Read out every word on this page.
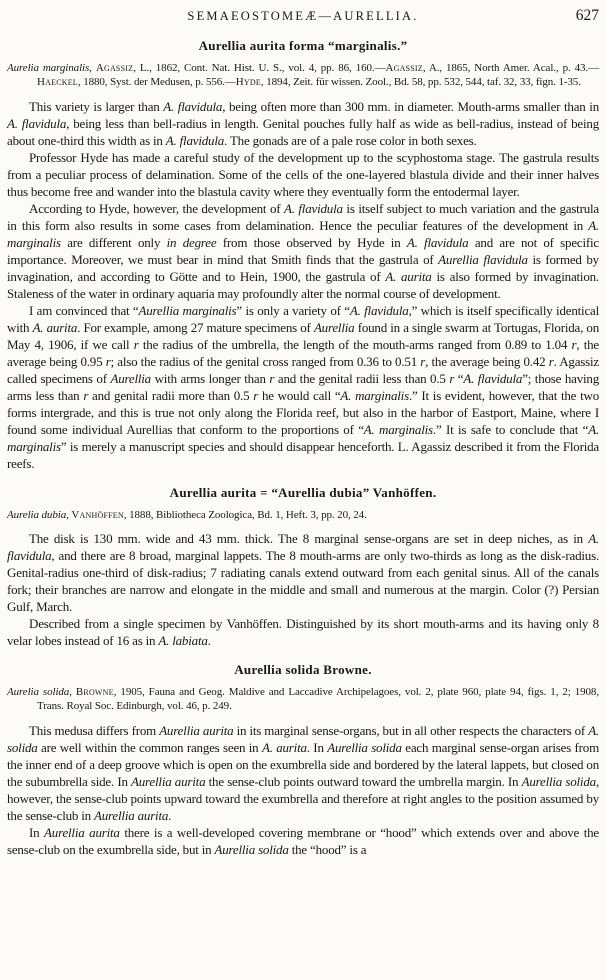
SEMAEOSTOMEÆ—AURELLIA.	627
Aurellia aurita forma “marginalis.”

Aurelia marginalis, Agassiz, L., 1862, Cont. Nat. Hist. U. S., vol. 4, pp. 86, 160.—Agassiz, A., 1865, North Amer. Acal., p. 43.—Haeckel, 1880, Syst. der Medusen, p. 556.—Hyde, 1894, Zeit. für wissen. Zool., Bd. 58, pp. 532, 544, taf. 32, 33, fign. 1-35.

This variety is larger than A. flavidula, being often more than 300 mm. in diameter. Mouth-arms smaller than in A. flavidula, being less than bell-radius in length. Genital pouches fully half as wide as bell-radius, instead of being about one-third this width as in A. flavidula. The gonads are of a pale rose color in both sexes.

Professor Hyde has made a careful study of the development up to the scyphostoma stage. The gastrula results from a peculiar process of delamination. Some of the cells of the one-layered blastula divide and their inner halves thus become free and wander into the blastula cavity where they eventually form the entodermal layer.

According to Hyde, however, the development of A. flavidula is itself subject to much variation and the gastrula in this form also results in some cases from delamination. Hence the peculiar features of the development in A. marginalis are different only in degree from those observed by Hyde in A. flavidula and are not of specific importance. Moreover, we must bear in mind that Smith finds that the gastrula of Aurellia flavidula is formed by invagination, and according to Götte and to Hein, 1900, the gastrula of A. aurita is also formed by invagination. Staleness of the water in ordinary aquaria may profoundly alter the normal course of development.

I am convinced that “Aurellia marginalis” is only a variety of “A. flavidula,” which is itself specifically identical with A. aurita. For example, among 27 mature specimens of Aurellia found in a single swarm at Tortugas, Florida, on May 4, 1906, if we call r the radius of the umbrella, the length of the mouth-arms ranged from 0.89 to 1.04 r, the average being 0.95 r; also the radius of the genital cross ranged from 0.36 to 0.51 r, the average being 0.42 r. Agassiz called specimens of Aurellia with arms longer than r and the genital radii less than 0.5 r “A. flavidula”; those having arms less than r and genital radii more than 0.5 r he would call “A. marginalis.” It is evident, however, that the two forms intergrade, and this is true not only along the Florida reef, but also in the harbor of Eastport, Maine, where I found some individual Aurellias that conform to the proportions of “A. marginalis.” It is safe to conclude that “A. marginalis” is merely a manuscript species and should disappear henceforth. L. Agassiz described it from the Florida reefs.

Aurellia aurita = “Aurellia dubia” Vanhöffen.

Aurelia dubia, Vanhöffen, 1888, Bibliotheca Zoologica, Bd. 1, Heft. 3, pp. 20, 24.

The disk is 130 mm. wide and 43 mm. thick. The 8 marginal sense-organs are set in deep niches, as in A. flavidula, and there are 8 broad, marginal lappets. The 8 mouth-arms are only two-thirds as long as the disk-radius. Genital-radius one-third of disk-radius; 7 radiating canals extend outward from each genital sinus. All of the canals fork; their branches are narrow and elongate in the middle and small and numerous at the margin. Color (?) Persian Gulf, March.

Described from a single specimen by Vanhöffen. Distinguished by its short mouth-arms and its having only 8 velar lobes instead of 16 as in A. labiata.

Aurellia solida Browne.

Aurelia solida, Browne, 1905, Fauna and Geog. Maldive and Laccadive Archipelagoes, vol. 2, plate 960, plate 94, figs. 1, 2; 1908, Trans. Royal Soc. Edinburgh, vol. 46, p. 249.

This medusa differs from Aurellia aurita in its marginal sense-organs, but in all other respects the characters of A. solida are well within the common ranges seen in A. aurita. In Aurellia solida each marginal sense-organ arises from the inner end of a deep groove which is open on the exumbrella side and bordered by the lateral lappets, but closed on the subumbrella side. In Aurellia aurita the sense-club points outward toward the umbrella margin. In Aurellia solida, however, the sense-club points upward toward the exumbrella and therefore at right angles to the position assumed by the sense-club in Aurellia aurita.

In Aurellia aurita there is a well-developed covering membrane or “hood” which extends over and above the sense-club on the exumbrella side, but in Aurellia solida the “hood” is a
